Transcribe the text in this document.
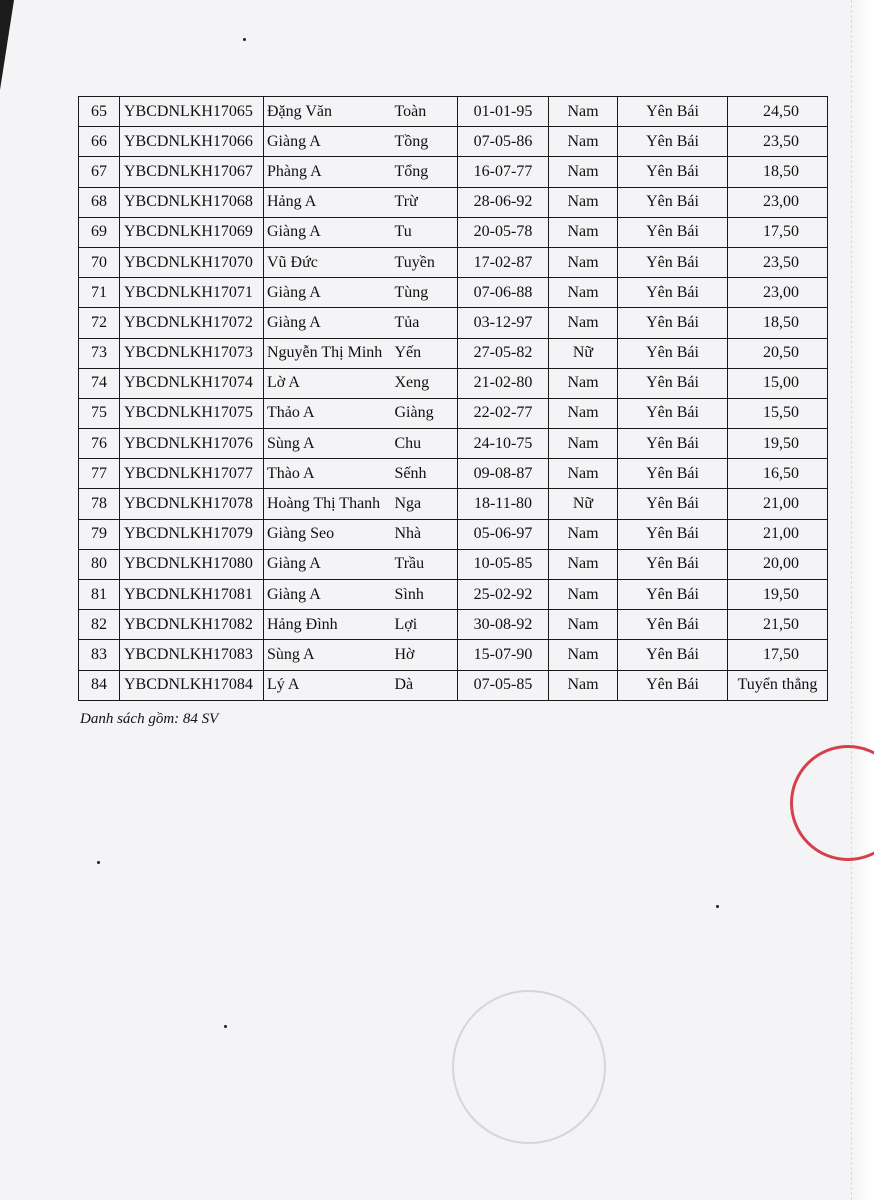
65	YBCDNLKH17065	Đặng Văn	Toàn	01-01-95	Nam	Yên Bái	24,50
66	YBCDNLKH17066	Giàng A	Tồng	07-05-86	Nam	Yên Bái	23,50
67	YBCDNLKH17067	Phàng A	Tổng	16-07-77	Nam	Yên Bái	18,50
68	YBCDNLKH17068	Hảng A	Trừ	28-06-92	Nam	Yên Bái	23,00
69	YBCDNLKH17069	Giàng A	Tu	20-05-78	Nam	Yên Bái	17,50
70	YBCDNLKH17070	Vũ Đức	Tuyền	17-02-87	Nam	Yên Bái	23,50
71	YBCDNLKH17071	Giàng A	Tùng	07-06-88	Nam	Yên Bái	23,00
72	YBCDNLKH17072	Giàng A	Tủa	03-12-97	Nam	Yên Bái	18,50
73	YBCDNLKH17073	Nguyễn Thị Minh	Yến	27-05-82	Nữ	Yên Bái	20,50
74	YBCDNLKH17074	Lờ A	Xeng	21-02-80	Nam	Yên Bái	15,00
75	YBCDNLKH17075	Thảo A	Giàng	22-02-77	Nam	Yên Bái	15,50
76	YBCDNLKH17076	Sùng A	Chu	24-10-75	Nam	Yên Bái	19,50
77	YBCDNLKH17077	Thào A	Sếnh	09-08-87	Nam	Yên Bái	16,50
78	YBCDNLKH17078	Hoàng Thị Thanh	Nga	18-11-80	Nữ	Yên Bái	21,00
79	YBCDNLKH17079	Giàng Seo	Nhà	05-06-97	Nam	Yên Bái	21,00
80	YBCDNLKH17080	Giàng A	Trầu	10-05-85	Nam	Yên Bái	20,00
81	YBCDNLKH17081	Giàng A	Sình	25-02-92	Nam	Yên Bái	19,50
82	YBCDNLKH17082	Hảng Đình	Lợi	30-08-92	Nam	Yên Bái	21,50
83	YBCDNLKH17083	Sùng A	Hờ	15-07-90	Nam	Yên Bái	17,50
84	YBCDNLKH17084	Lý A	Dà	07-05-85	Nam	Yên Bái	Tuyển thẳng
Danh sách gồm: 84 SV
